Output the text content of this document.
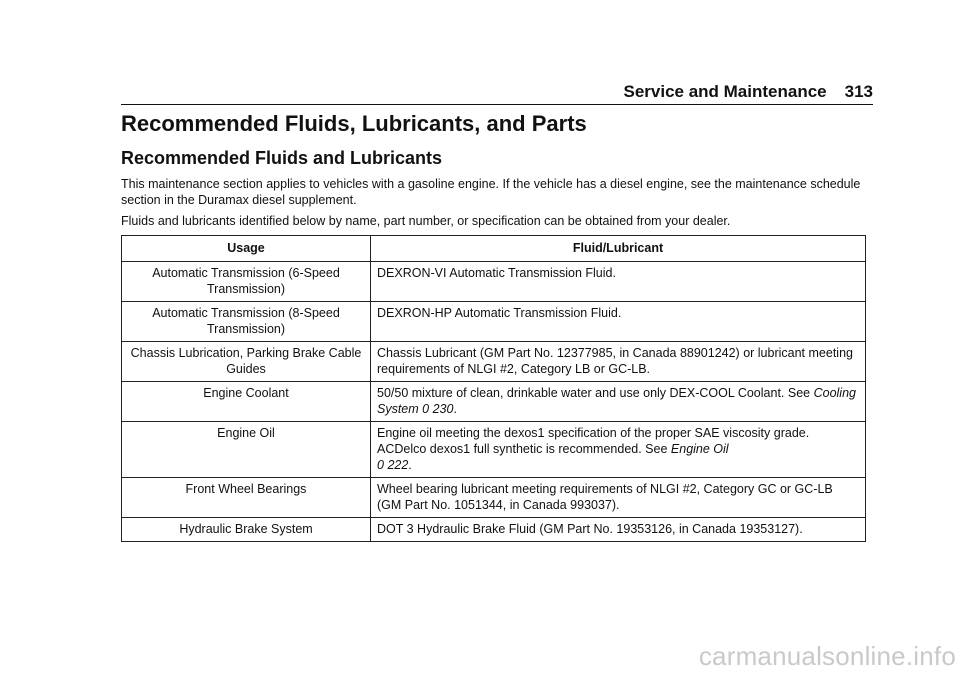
Service and Maintenance 313
Recommended Fluids, Lubricants, and Parts
Recommended Fluids and Lubricants

This maintenance section applies to vehicles with a gasoline engine. If the vehicle has a diesel engine, see the maintenance schedule section in the Duramax diesel supplement.

Fluids and lubricants identified below by name, part number, or specification can be obtained from your dealer.

Usage	Fluid/Lubricant
Automatic Transmission (6-Speed Transmission)	DEXRON-VI Automatic Transmission Fluid.
Automatic Transmission (8-Speed Transmission)	DEXRON-HP Automatic Transmission Fluid.
Chassis Lubrication, Parking Brake Cable Guides	Chassis Lubricant (GM Part No. 12377985, in Canada 88901242) or lubricant meeting requirements of NLGI #2, Category LB or GC-LB.
Engine Coolant	50/50 mixture of clean, drinkable water and use only DEX-COOL Coolant. See Cooling System 0 230.
Engine Oil	Engine oil meeting the dexos1 specification of the proper SAE viscosity grade. ACDelco dexos1 full synthetic is recommended. See Engine Oil
0 222.
Front Wheel Bearings	Wheel bearing lubricant meeting requirements of NLGI #2, Category GC or GC-LB (GM Part No. 1051344, in Canada 993037).
Hydraulic Brake System	DOT 3 Hydraulic Brake Fluid (GM Part No. 19353126, in Canada 19353127).
carmanualsonline.info
